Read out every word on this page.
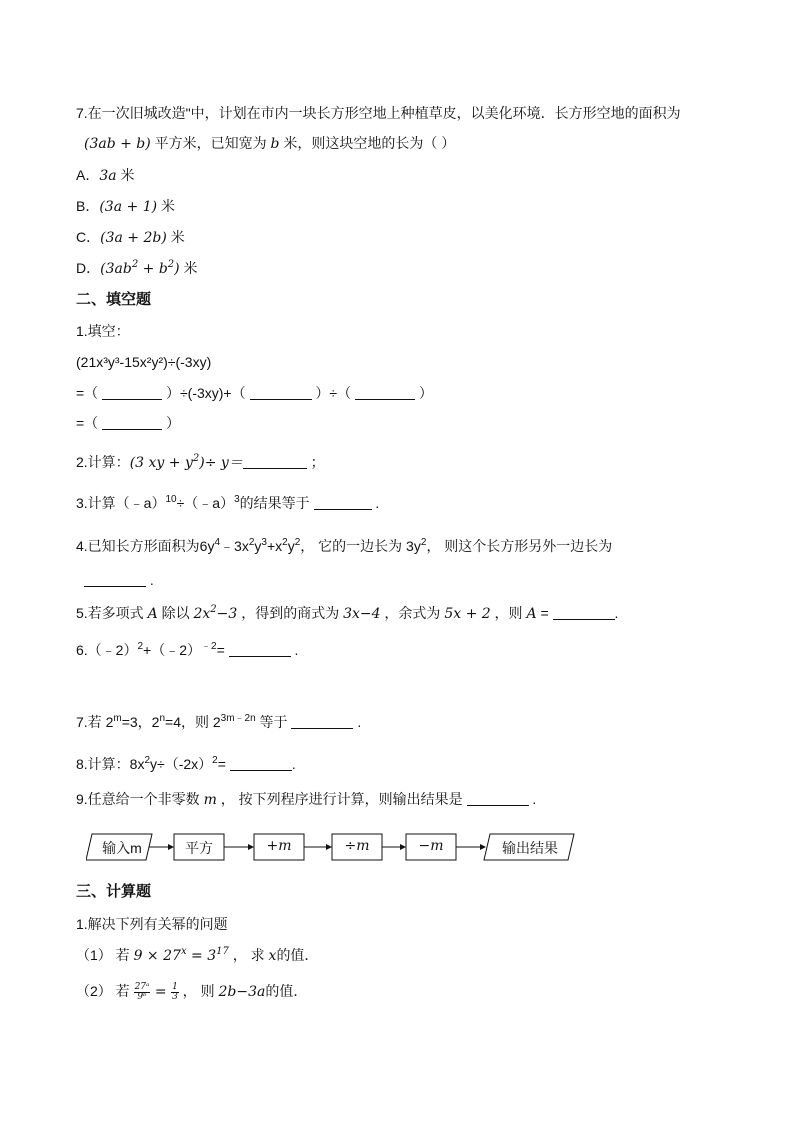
7.在一次旧城改造"中，计划在市内一块长方形空地上种植草皮，以美化环境．长方形空地的面积为
(3ab + b) 平方米，已知宽为 b 米，则这块空地的长为（ ）
A．3a 米
B．(3a + 1) 米
C．(3a + 2b) 米
D．$(3ab^2 + b^2)$ 米
二、填空题
1.填空：
(21x³y³-15x²y²)÷(-3xy)
=（	）÷(-3xy)+（	）÷（	）
=（	）
2.计算：(3 xy + $y^2)\div y=$	；
3.计算（﹣a）$^{10}$÷（﹣a）$^3$的结果等于	.
4.已知长方形面积为$6y^4﹣3x^2y^3+x^2y^2$， 它的一边长为 $3y^2$， 则这个长方形另外一边长为
.
5.若多项式 A 除以 $2x^2-3$ ，得到的商式为 3x−4 ，余式为 5x + 2 ，则 A =	.
6.（﹣2）$^2$+（﹣2）$^{﹣2}$=	.
7.若 $2^m=3$，$2^n=4$，则 $2^{3m﹣2n}$ 等于	.
8.计算：$8x^2y\div(-2x)^2=$	.
9.任意给一个非零数 m ， 按下列程序进行计算，则输出结果是	.
输入m	平方	+m	÷m	−m	输出结果
三、计算题
1.解决下列有关幂的问题
（1） 若 $9 \times 27^x = 3^{17}$ ， 求 x的值．
（2） 若 $\frac{\text{27ᵃ}}{\text{9ᵇ}} = \frac{1}{3}$ ， 则 2b−3a的值．
